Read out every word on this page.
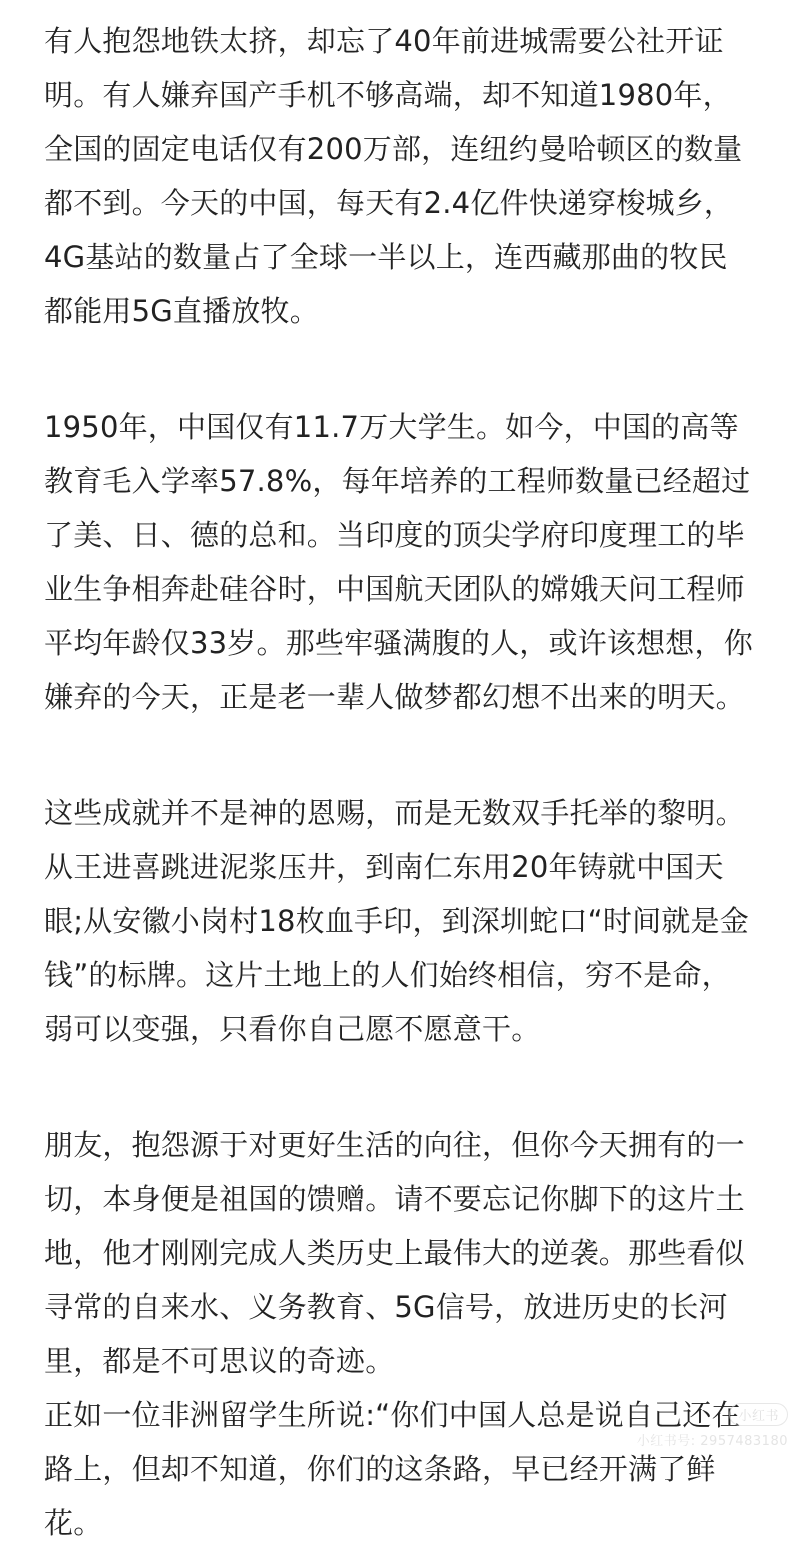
有人抱怨地铁太挤，却忘了40年前进城需要公社开证
明。有人嫌弃国产手机不够高端，却不知道1980年，
全国的固定电话仅有200万部，连纽约曼哈顿区的数量
都不到。今天的中国，每天有2.4亿件快递穿梭城乡，
4G基站的数量占了全球一半以上，连西藏那曲的牧民
都能用5G直播放牧。
1950年，中国仅有11.7万大学生。如今，中国的高等
教育毛入学率57.8%，每年培养的工程师数量已经超过
了美、日、德的总和。当印度的顶尖学府印度理工的毕
业生争相奔赴硅谷时，中国航天团队的嫦娥天问工程师
平均年龄仅33岁。那些牢骚满腹的人，或许该想想，你
嫌弃的今天，正是老一辈人做梦都幻想不出来的明天。
这些成就并不是神的恩赐，而是无数双手托举的黎明。
从王进喜跳进泥浆压井，到南仁东用20年铸就中国天
眼;从安徽小岗村18枚血手印，到深圳蛇口“时间就是金
钱”的标牌。这片土地上的人们始终相信，穷不是命，
弱可以变强，只看你自己愿不愿意干。
朋友，抱怨源于对更好生活的向往，但你今天拥有的一
切，本身便是祖国的馈赠。请不要忘记你脚下的这片土
地，他才刚刚完成人类历史上最伟大的逆袭。那些看似
寻常的自来水、义务教育、5G信号，放进历史的长河
里，都是不可思议的奇迹。
正如一位非洲留学生所说:“你们中国人总是说自己还在
路上，但却不知道，你们的这条路，早已经开满了鲜
花。
小红书
小红书号: 2957483180
